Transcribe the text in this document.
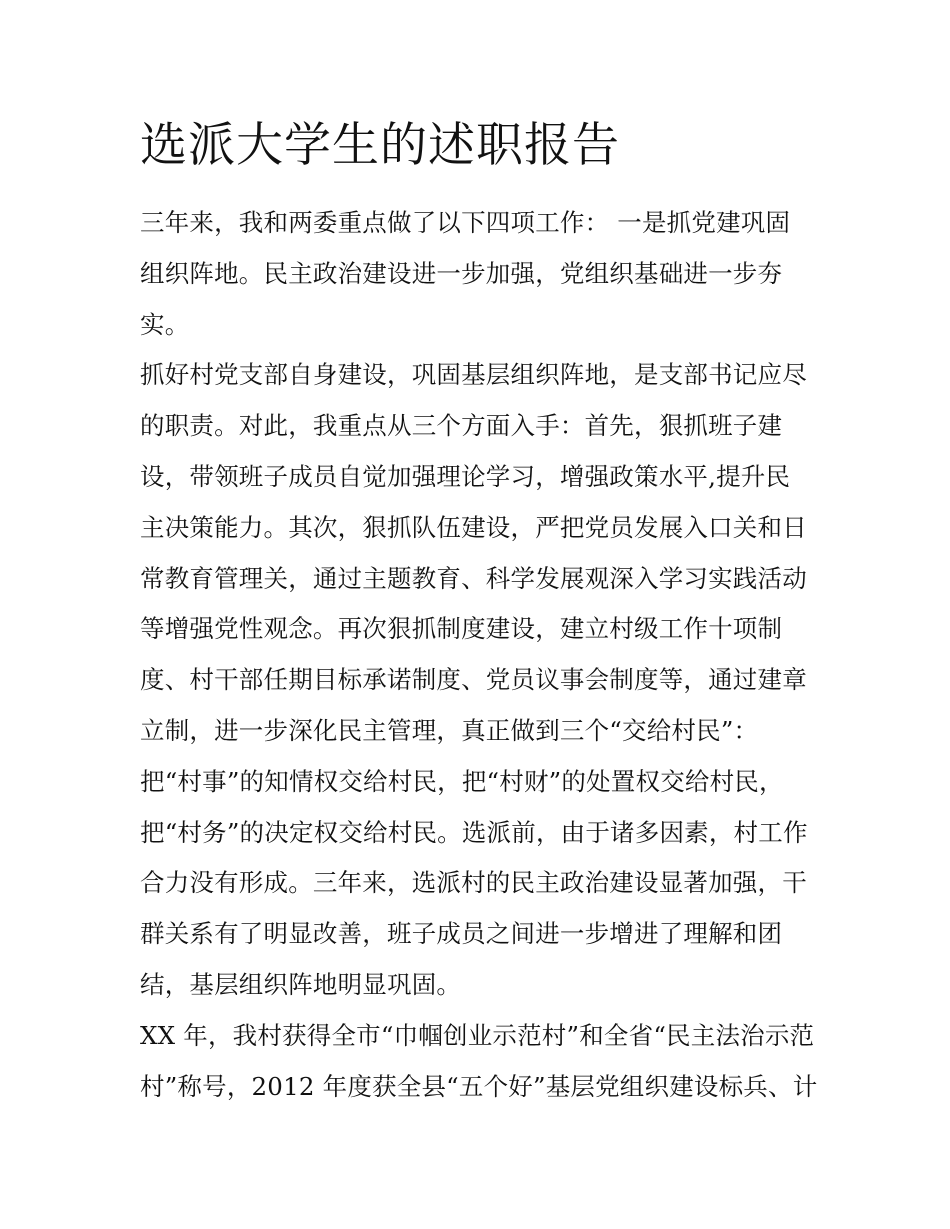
选派大学生的述职报告

三年来，我和两委重点做了以下四项工作： 一是抓党建巩固
组织阵地。民主政治建设进一步加强，党组织基础进一步夯
实。

抓好村党支部自身建设，巩固基层组织阵地，是支部书记应尽
的职责。对此，我重点从三个方面入手：首先，狠抓班子建
设，带领班子成员自觉加强理论学习，增强政策水平,提升民
主决策能力。其次，狠抓队伍建设，严把党员发展入口关和日
常教育管理关，通过主题教育、科学发展观深入学习实践活动
等增强党性观念。再次狠抓制度建设，建立村级工作十项制
度、村干部任期目标承诺制度、党员议事会制度等，通过建章
立制，进一步深化民主管理，真正做到三个“交给村民”：
把“村事”的知情权交给村民，把“村财”的处置权交给村民，
把“村务”的决定权交给村民。选派前，由于诸多因素，村工作
合力没有形成。三年来，选派村的民主政治建设显著加强，干
群关系有了明显改善，班子成员之间进一步增进了理解和团
结，基层组织阵地明显巩固。

XX 年，我村获得全市“巾帼创业示范村”和全省“民主法治示范
村”称号，2012 年度获全县“五个好”基层党组织建设标兵、计
